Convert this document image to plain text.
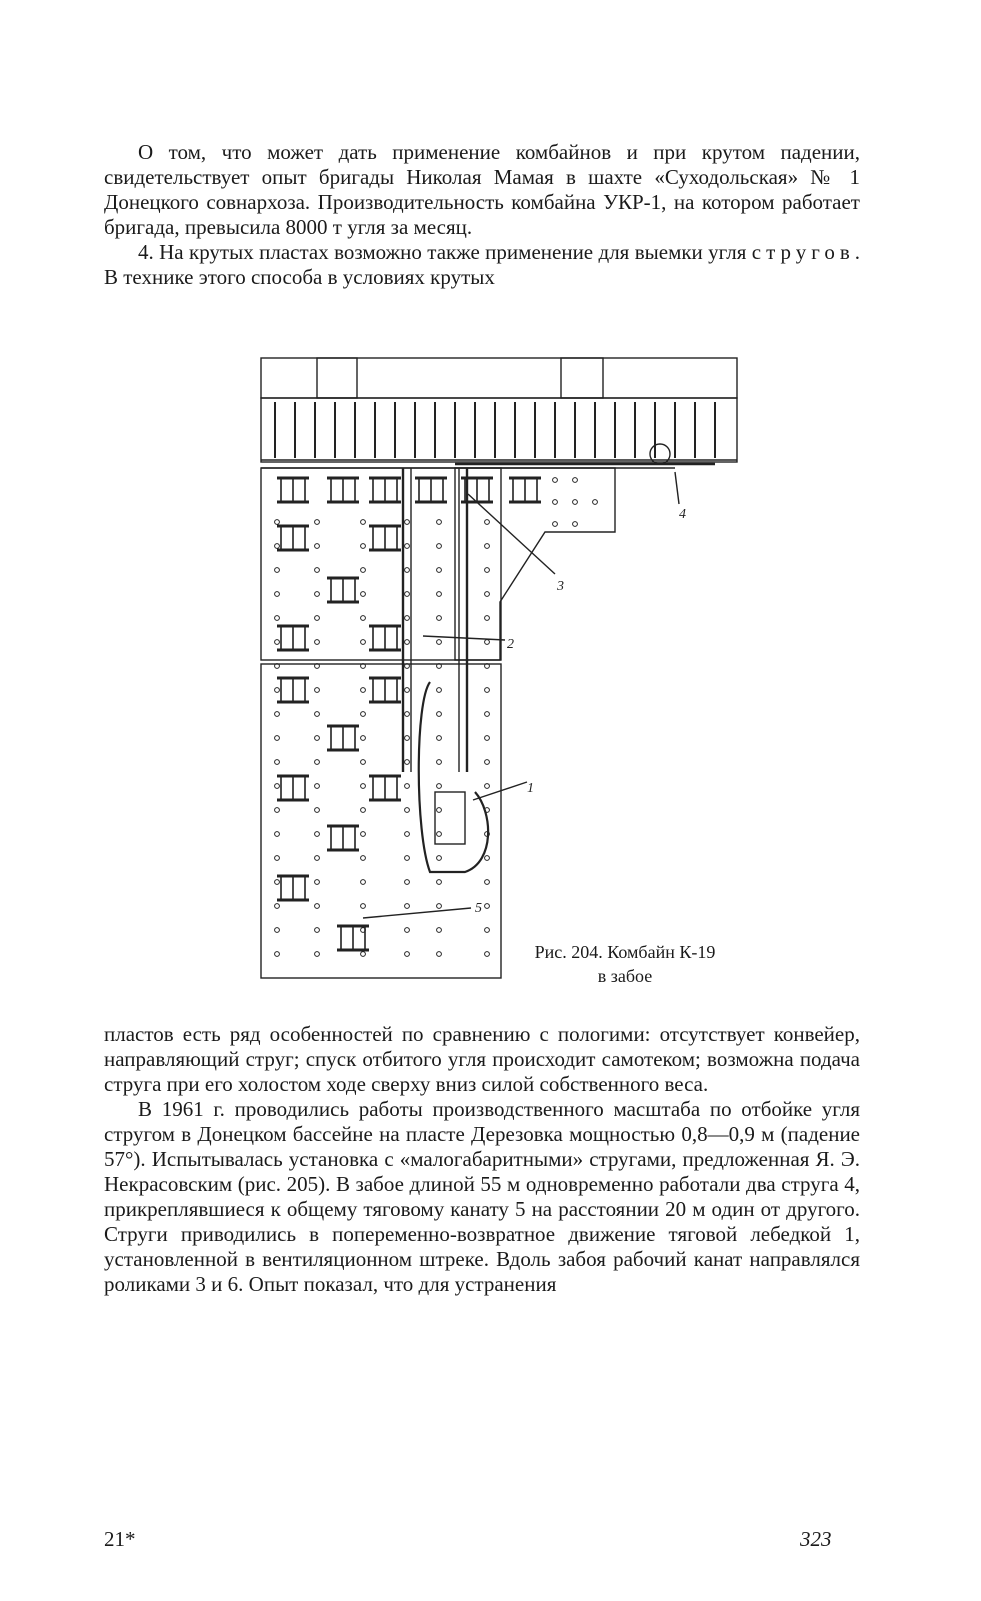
О том, что может дать применение комбайнов и при крутом падении, свидетельствует опыт бригады Николая Мамая в шахте «Суходольская» № 1 Донецкого совнархоза. Производительность комбайна УКР-1, на котором работает бригада, превысила 8000 т угля за месяц.
4. На крутых пластах возможно также применение для выемки угля стругов. В технике этого способа в условиях крутых

4
3
2
1
5
Рис. 204. Комбайн К-19
в забое

пластов есть ряд особенностей по сравнению с пологими: отсутствует конвейер, направляющий струг; спуск отбитого угля происходит самотеком; возможна подача струга при его холостом ходе сверху вниз силой собственного веса.
В 1961 г. проводились работы производственного масштаба по отбойке угля стругом в Донецком бассейне на пласте Дерезовка мощностью 0,8—0,9 м (падение 57°). Испытывалась установка с «малогабаритными» стругами, предложенная Я. Э. Некрасовским (рис. 205). В забое длиной 55 м одновременно работали два струга 4, прикреплявшиеся к общему тяговому канату 5 на расстоянии 20 м один от другого. Струги приводились в попеременно-возвратное движение тяговой лебедкой 1, установленной в вентиляционном штреке. Вдоль забоя рабочий канат направлялся роликами 3 и 6. Опыт показал, что для устранения

21*	323
